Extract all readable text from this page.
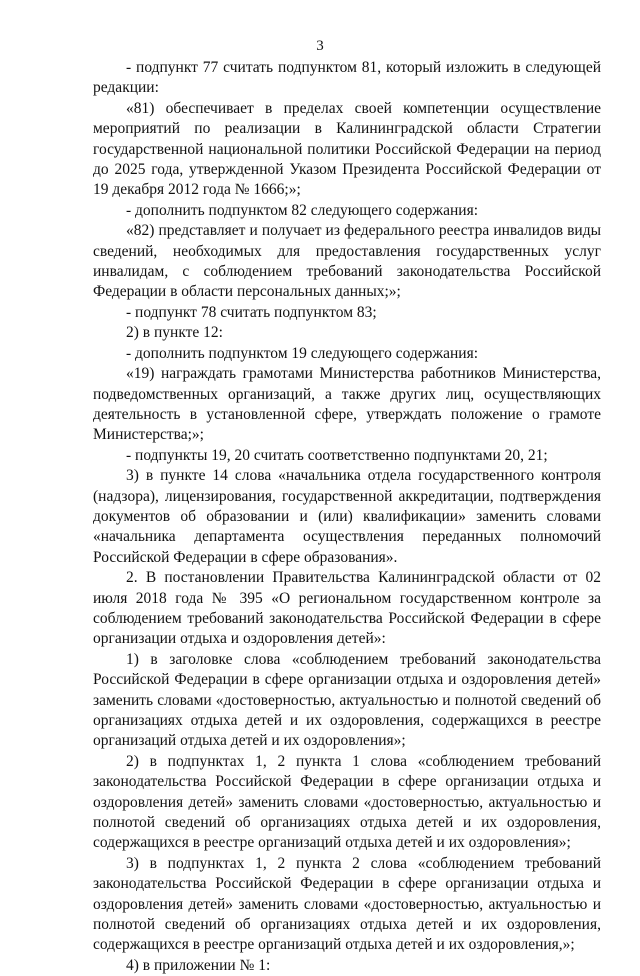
3

- подпункт 77 считать подпунктом 81, который изложить в следующей редакции:

«81) обеспечивает в пределах своей компетенции осуществление мероприятий по реализации в Калининградской области Стратегии государственной национальной политики Российской Федерации на период до 2025 года, утвержденной Указом Президента Российской Федерации от 19 декабря 2012 года № 1666;»;

- дополнить подпунктом 82 следующего содержания:

«82) представляет и получает из федерального реестра инвалидов виды сведений, необходимых для предоставления государственных услуг инвалидам, с соблюдением требований законодательства Российской Федерации в области персональных данных;»;

- подпункт 78 считать подпунктом 83;

2) в пункте 12:

- дополнить подпунктом 19 следующего содержания:

«19) награждать грамотами Министерства работников Министерства, подведомственных организаций, а также других лиц, осуществляющих деятельность в установленной сфере, утверждать положение о грамоте Министерства;»;

- подпункты 19, 20 считать соответственно подпунктами 20, 21;

3) в пункте 14 слова «начальника отдела государственного контроля (надзора), лицензирования, государственной аккредитации, подтверждения документов об образовании и (или) квалификации» заменить словами «начальника департамента осуществления переданных полномочий Российской Федерации в сфере образования».

2. В постановлении Правительства Калининградской области от 02 июля 2018 года № 395 «О региональном государственном контроле за соблюдением требований законодательства Российской Федерации в сфере организации отдыха и оздоровления детей»:

1) в заголовке слова «соблюдением требований законодательства Российской Федерации в сфере организации отдыха и оздоровления детей» заменить словами «достоверностью, актуальностью и полнотой сведений об организациях отдыха детей и их оздоровления, содержащихся в реестре организаций отдыха детей и их оздоровления»;

2) в подпунктах 1, 2 пункта 1 слова «соблюдением требований законодательства Российской Федерации в сфере организации отдыха и оздоровления детей» заменить словами «достоверностью, актуальностью и полнотой сведений об организациях отдыха детей и их оздоровления, содержащихся в реестре организаций отдыха детей и их оздоровления»;

3) в подпунктах 1, 2 пункта 2 слова «соблюдением требований законодательства Российской Федерации в сфере организации отдыха и оздоровления детей» заменить словами «достоверностью, актуальностью и полнотой сведений об организациях отдыха детей и их оздоровления, содержащихся в реестре организаций отдыха детей и их оздоровления,»;

4) в приложении № 1:
